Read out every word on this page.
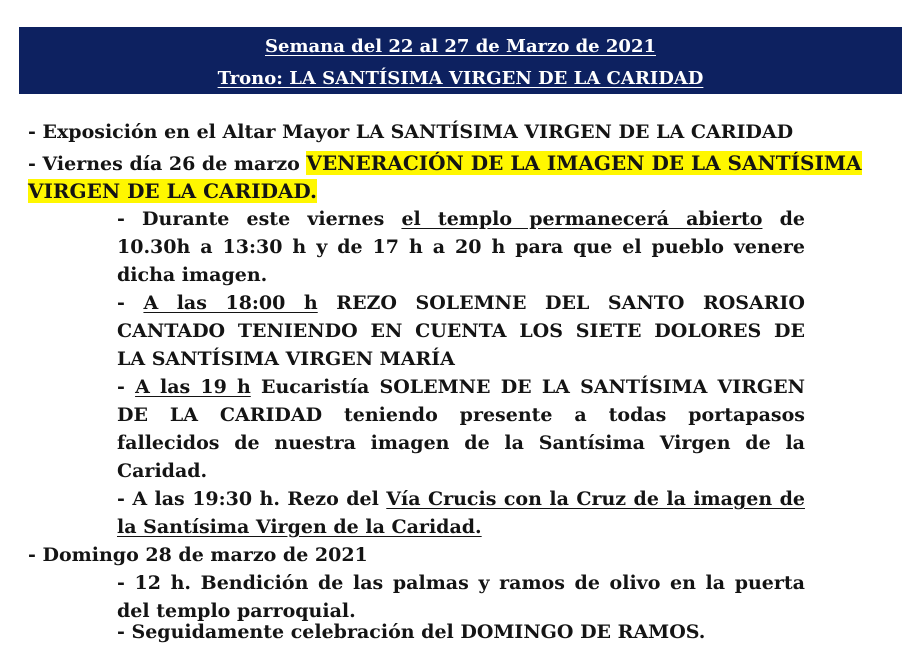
Semana del 22 al 27 de Marzo de 2021
Trono: LA SANTÍSIMA VIRGEN DE LA CARIDAD
- Exposición en el Altar Mayor LA SANTÍSIMA VIRGEN DE LA CARIDAD
- Viernes día 26 de marzo VENERACIÓN DE LA IMAGEN DE LA SANTÍSIMA
VIRGEN DE LA CARIDAD.
- Durante este viernes el templo permanecerá abierto de
10.30h a 13:30 h y de 17 h a 20 h para que el pueblo venere
dicha imagen.
- A las 18:00 h REZO SOLEMNE DEL SANTO ROSARIO
CANTADO TENIENDO EN CUENTA LOS SIETE DOLORES DE
LA SANTÍSIMA VIRGEN MARÍA
- A las 19 h Eucaristía SOLEMNE DE LA SANTÍSIMA VIRGEN
DE LA CARIDAD teniendo presente a todas portapasos
fallecidos de nuestra imagen de la Santísima Virgen de la
Caridad.
- A las 19:30 h. Rezo del Vía Crucis con la Cruz de la imagen de
la Santísima Virgen de la Caridad.
- Domingo 28 de marzo de 2021
- 12 h. Bendición de las palmas y ramos de olivo en la puerta
del templo parroquial.
- Seguidamente celebración del DOMINGO DE RAMOS.
